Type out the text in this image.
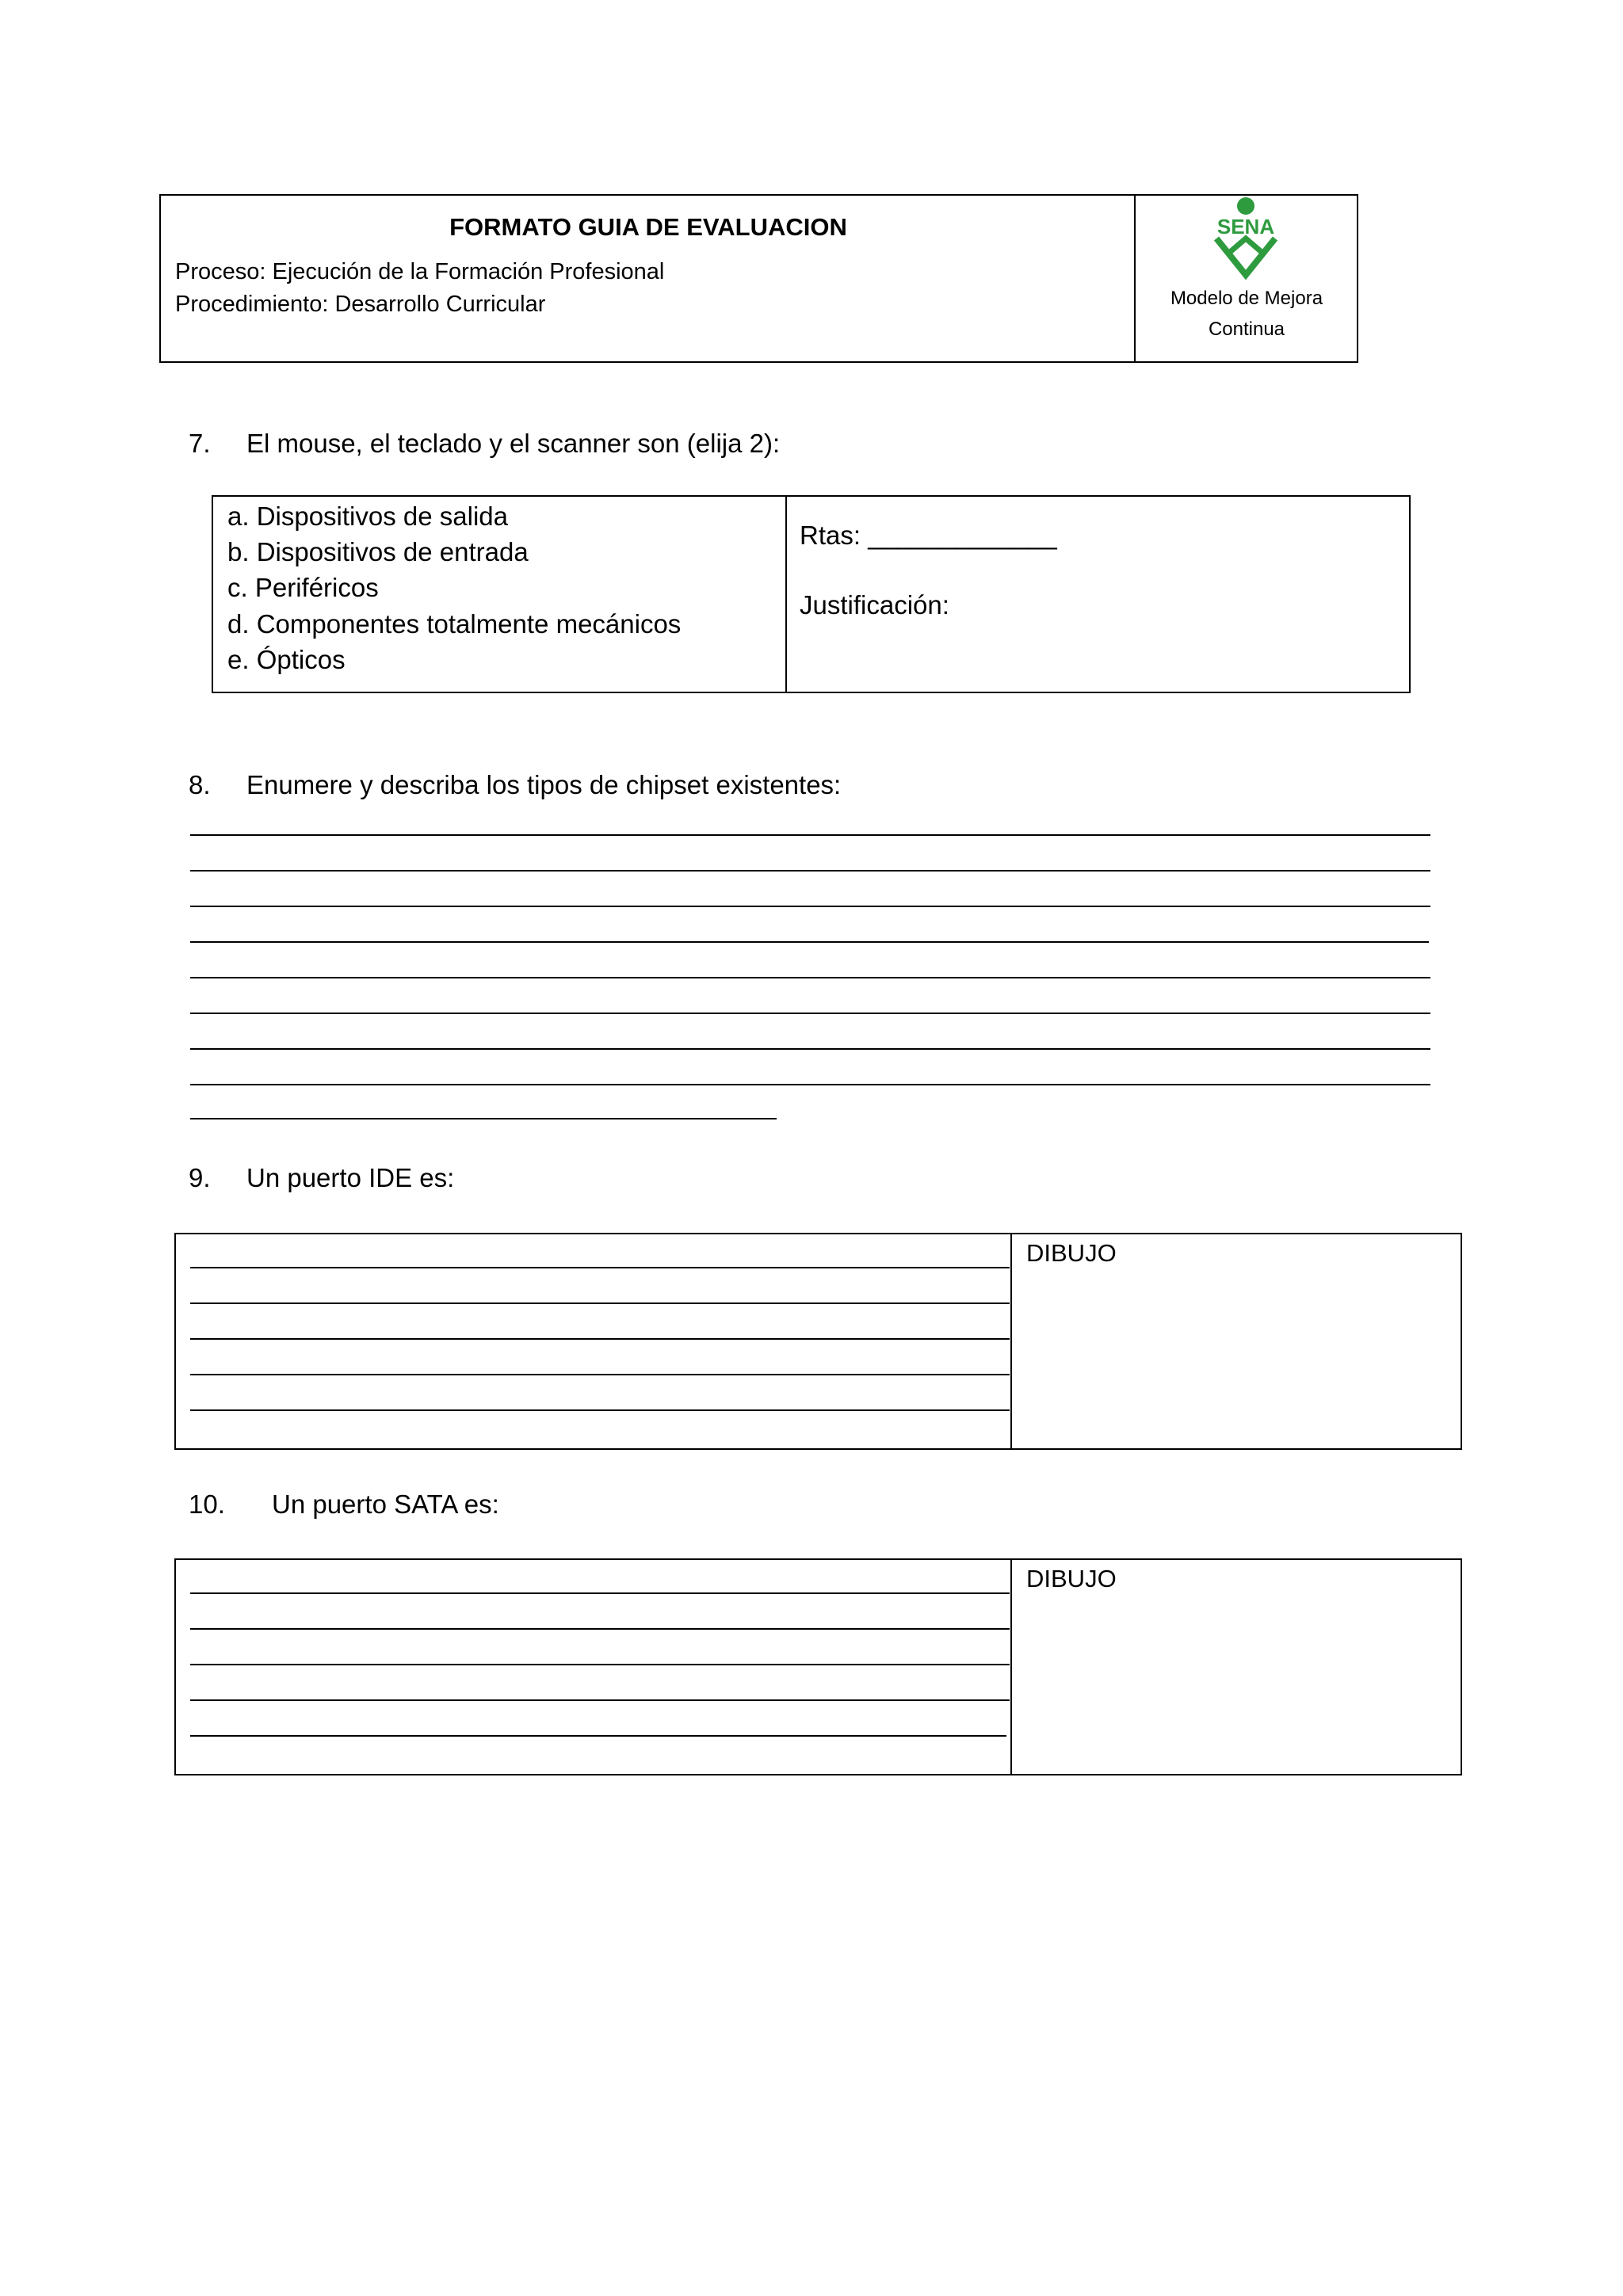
FORMATO GUIA DE EVALUACION
Proceso: Ejecución de la Formación Profesional
Procedimiento: Desarrollo Curricular
SENA
Modelo de Mejora
Continua
7. El mouse, el teclado y el scanner son (elija 2):
a. Dispositivos de salida
b. Dispositivos de entrada
c. Periféricos
d. Componentes totalmente mecánicos
e. Ópticos
Rtas: _____________
Justificación:
8. Enumere y describa los tipos de chipset existentes:
9. Un puerto IDE es:
DIBUJO
10. Un puerto SATA es:
DIBUJO
